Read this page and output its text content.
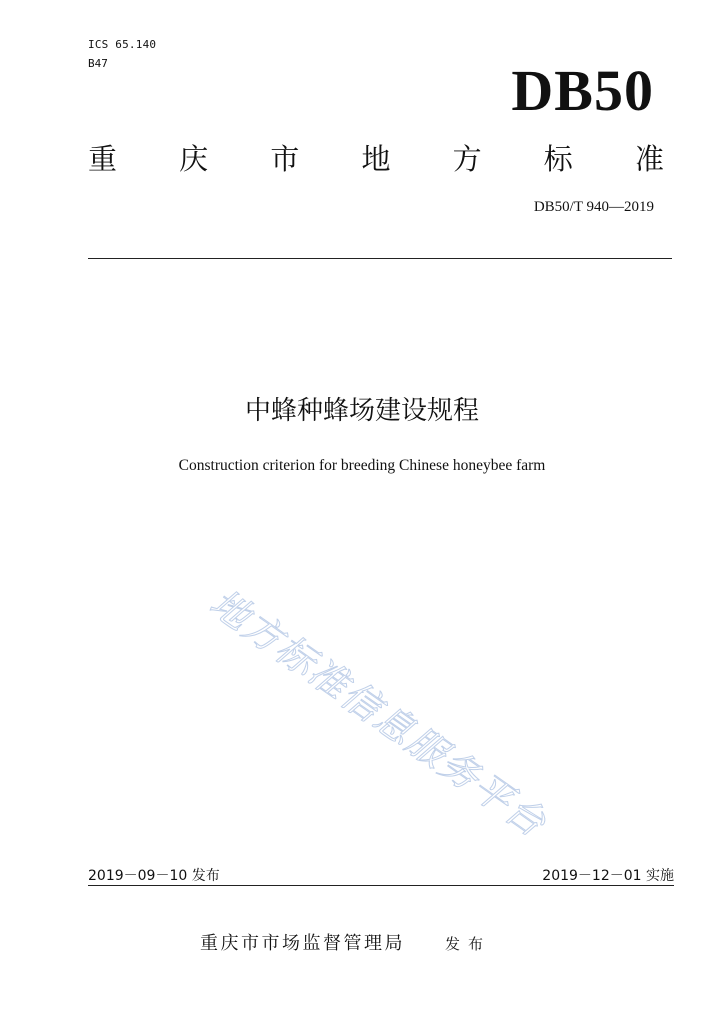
ICS 65.140
B47	DB50
重 庆 市 地 方 标 准
DB50/T 940—2019
中蜂种蜂场建设规程
Construction criterion for breeding Chinese honeybee farm
地方标准信息服务平台
2019－09－10 发布	2019－12－01 实施
重庆市市场监督管理局	发布
